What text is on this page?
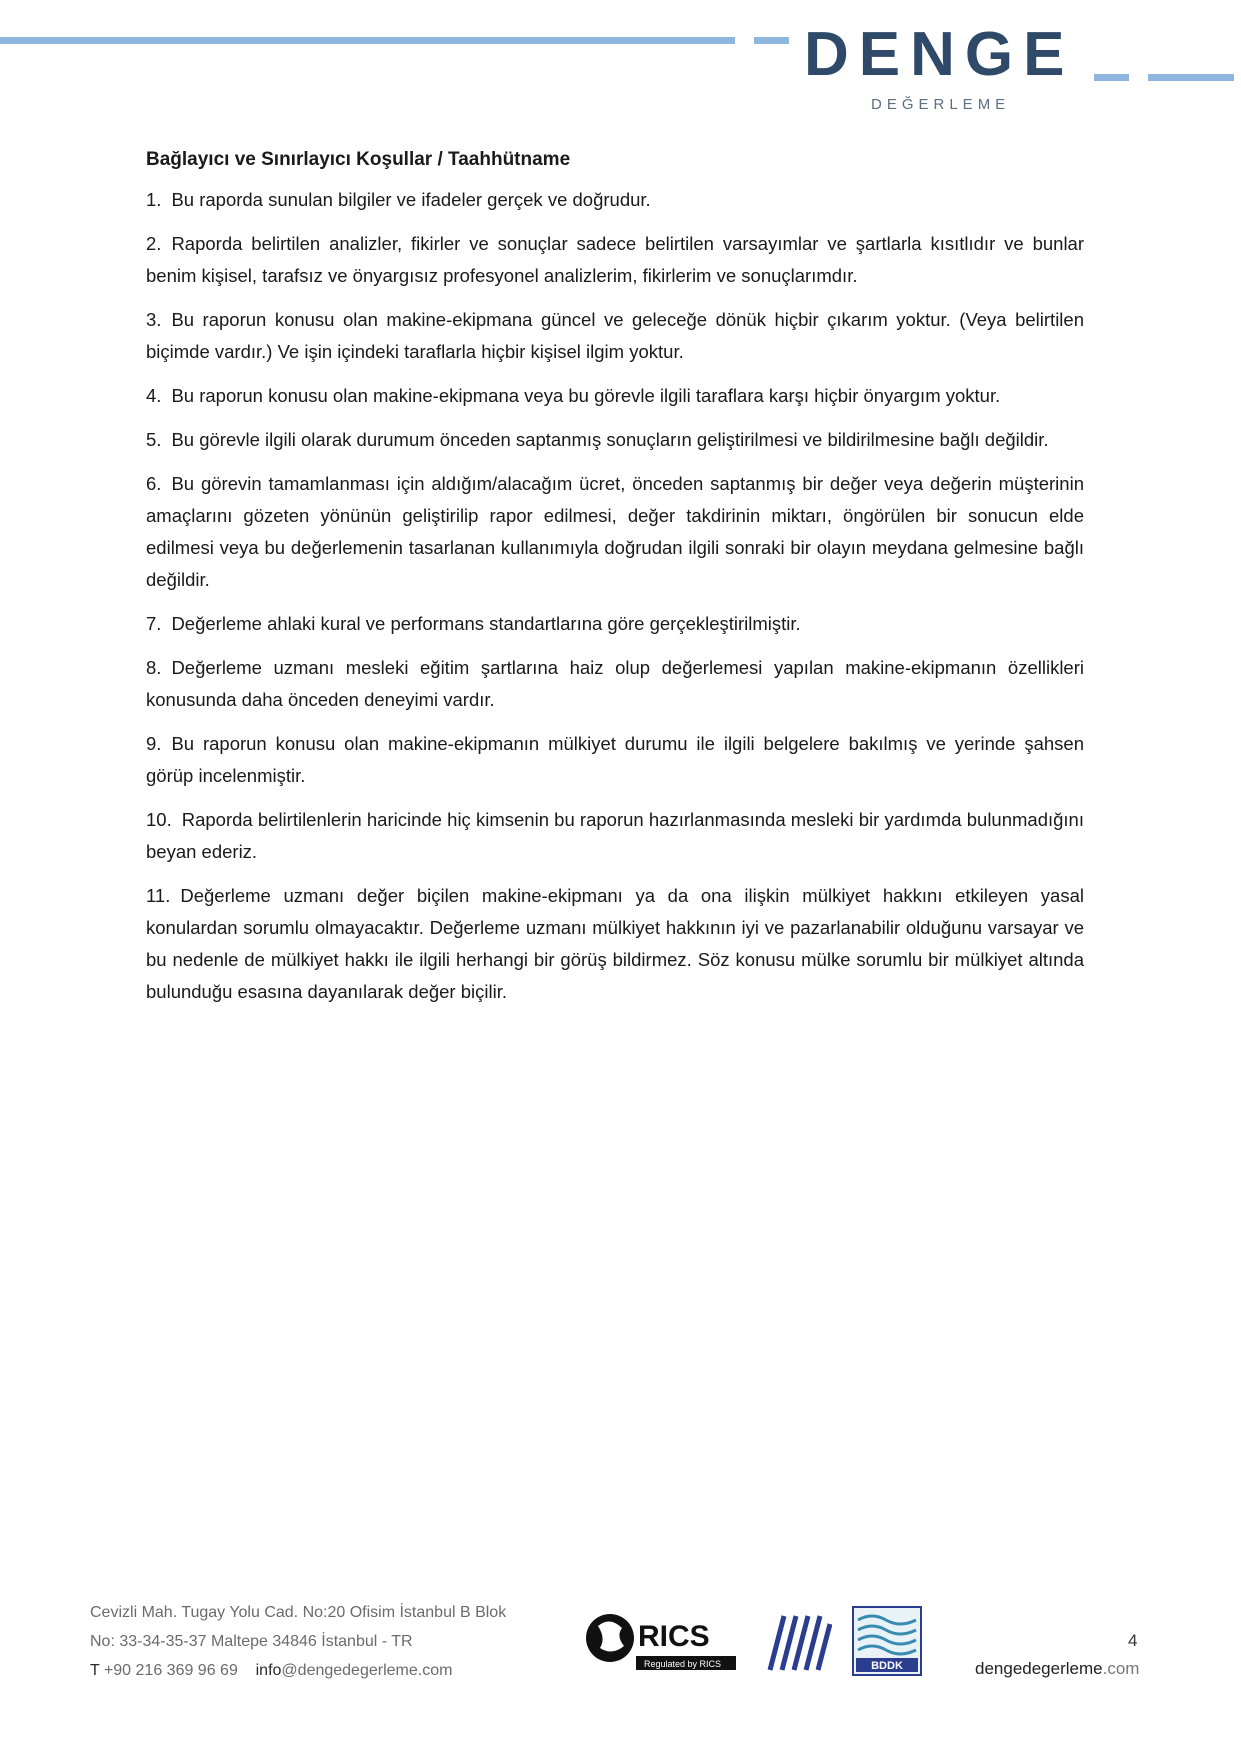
DENGE
DEĞERLEME
Bağlayıcı ve Sınırlayıcı Koşullar / Taahhütname
1. Bu raporda sunulan bilgiler ve ifadeler gerçek ve doğrudur.
2. Raporda belirtilen analizler, fikirler ve sonuçlar sadece belirtilen varsayımlar ve şartlarla kısıtlıdır ve bunlar benim kişisel, tarafsız ve önyargısız profesyonel analizlerim, fikirlerim ve sonuçlarımdır.
3. Bu raporun konusu olan makine-ekipmana güncel ve geleceğe dönük hiçbir çıkarım yoktur. (Veya belirtilen biçimde vardır.) Ve işin içindeki taraflarla hiçbir kişisel ilgim yoktur.
4. Bu raporun konusu olan makine-ekipmana veya bu görevle ilgili taraflara karşı hiçbir önyargım yoktur.
5. Bu görevle ilgili olarak durumum önceden saptanmış sonuçların geliştirilmesi ve bildirilmesine bağlı değildir.
6. Bu görevin tamamlanması için aldığım/alacağım ücret, önceden saptanmış bir değer veya değerin müşterinin amaçlarını gözeten yönünün geliştirilip rapor edilmesi, değer takdirinin miktarı, öngörülen bir sonucun elde edilmesi veya bu değerlemenin tasarlanan kullanımıyla doğrudan ilgili sonraki bir olayın meydana gelmesine bağlı değildir.
7. Değerleme ahlaki kural ve performans standartlarına göre gerçekleştirilmiştir.
8. Değerleme uzmanı mesleki eğitim şartlarına haiz olup değerlemesi yapılan makine-ekipmanın özellikleri konusunda daha önceden deneyimi vardır.
9. Bu raporun konusu olan makine-ekipmanın mülkiyet durumu ile ilgili belgelere bakılmış ve yerinde şahsen görüp incelenmiştir.
10. Raporda belirtilenlerin haricinde hiç kimsenin bu raporun hazırlanmasında mesleki bir yardımda bulunmadığını beyan ederiz.
11. Değerleme uzmanı değer biçilen makine-ekipmanı ya da ona ilişkin mülkiyet hakkını etkileyen yasal konulardan sorumlu olmayacaktır. Değerleme uzmanı mülkiyet hakkının iyi ve pazarlanabilir olduğunu varsayar ve bu nedenle de mülkiyet hakkı ile ilgili herhangi bir görüş bildirmez. Söz konusu mülke sorumlu bir mülkiyet altında bulunduğu esasına dayanılarak değer biçilir.
Cevizli Mah. Tugay Yolu Cad. No:20 Ofisim İstanbul B Blok
No: 33-34-35-37 Maltepe 34846 İstanbul - TR
T +90 216 369 96 69 info@dengedegerleme.com
RICS
Regulated by RICS	BDDK
4
dengedegerleme.com
